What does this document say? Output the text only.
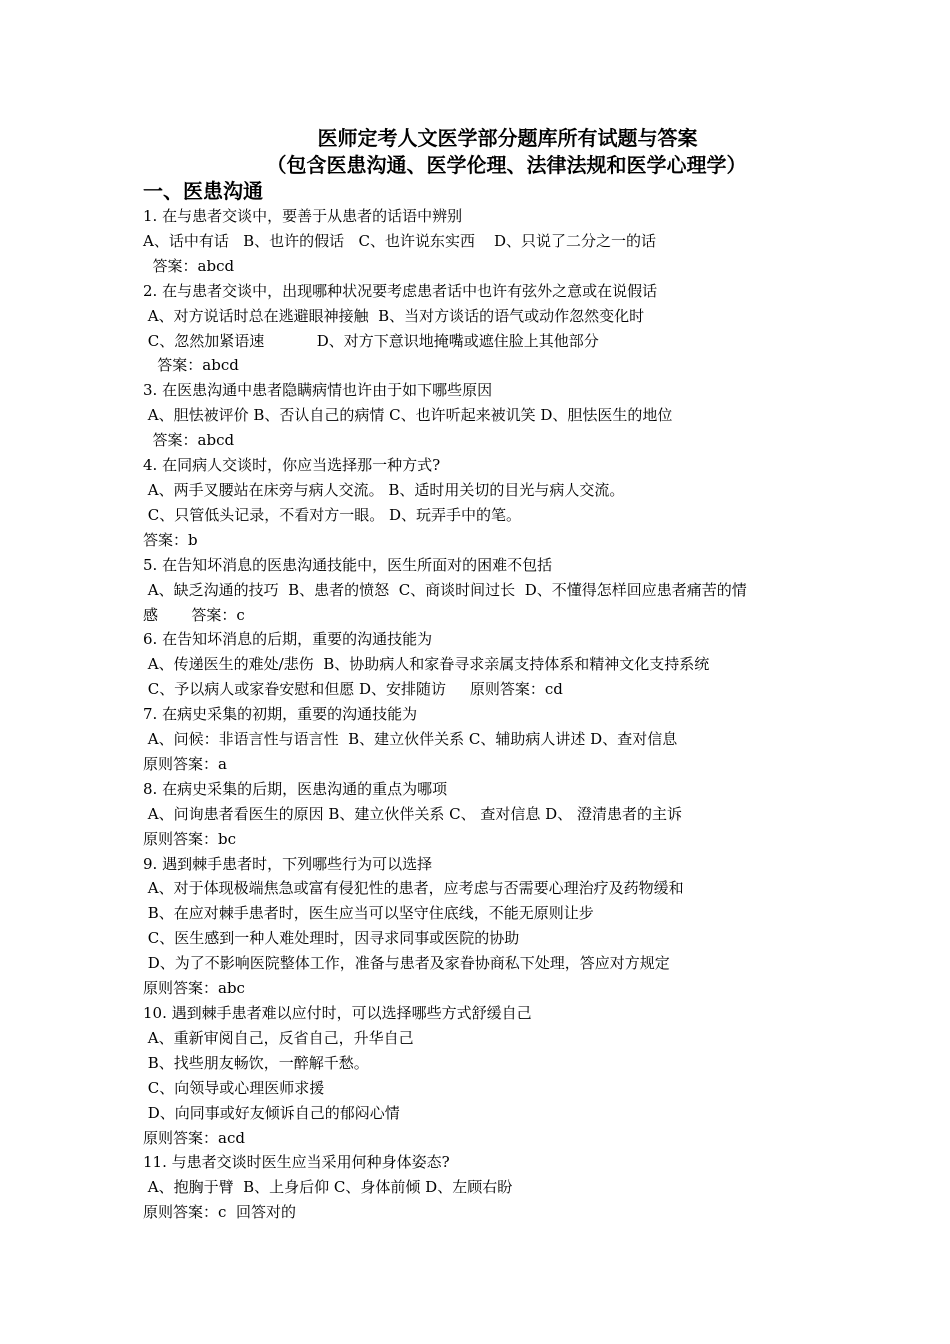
医师定考人文医学部分题库所有试题与答案
（包含医患沟通、医学伦理、法律法规和医学心理学）
一、医患沟通
1. 在与患者交谈中，要善于从患者的话语中辨别
A、话中有话   B、也许的假话   C、也许说东实西    D、只说了二分之一的话
答案：abcd
2. 在与患者交谈中，出现哪种状况要考虑患者话中也许有弦外之意或在说假话
A、对方说话时总在逃避眼神接触  B、当对方谈话的语气或动作忽然变化时
C、忽然加紧语速           D、对方下意识地掩嘴或遮住脸上其他部分
答案：abcd
3. 在医患沟通中患者隐瞒病情也许由于如下哪些原因
A、胆怯被评价 B、否认自己的病情 C、也许听起来被讥笑 D、胆怯医生的地位
答案：abcd
4. 在同病人交谈时，你应当选择那一种方式?
A、两手叉腰站在床旁与病人交流。 B、适时用关切的目光与病人交流。
C、只管低头记录，不看对方一眼。 D、玩弄手中的笔。
答案：b
5. 在告知坏消息的医患沟通技能中，医生所面对的困难不包括
A、缺乏沟通的技巧  B、患者的愤怒  C、商谈时间过长  D、不懂得怎样回应患者痛苦的情
感       答案：c
6. 在告知坏消息的后期，重要的沟通技能为
A、传递医生的难处/悲伤  B、协助病人和家眷寻求亲属支持体系和精神文化支持系统
C、予以病人或家眷安慰和但愿 D、安排随访     原则答案：cd
7. 在病史采集的初期，重要的沟通技能为
A、问候：非语言性与语言性  B、建立伙伴关系 C、辅助病人讲述 D、查对信息
原则答案：a
8. 在病史采集的后期，医患沟通的重点为哪项
A、问询患者看医生的原因 B、建立伙伴关系 C、 查对信息 D、 澄清患者的主诉
原则答案：bc
9. 遇到棘手患者时，下列哪些行为可以选择
A、对于体现极端焦急或富有侵犯性的患者，应考虑与否需要心理治疗及药物缓和
B、在应对棘手患者时，医生应当可以坚守住底线，不能无原则让步
C、医生感到一种人难处理时，因寻求同事或医院的协助
D、为了不影响医院整体工作，准备与患者及家眷协商私下处理，答应对方规定
原则答案：abc
10. 遇到棘手患者难以应付时，可以选择哪些方式舒缓自己
A、重新审阅自己，反省自己，升华自己
B、找些朋友畅饮，一醉解千愁。
C、向领导或心理医师求援
D、向同事或好友倾诉自己的郁闷心情
原则答案：acd
11. 与患者交谈时医生应当采用何种身体姿态?
A、抱胸于臂  B、上身后仰 C、身体前倾 D、左顾右盼
原则答案：c  回答对的
